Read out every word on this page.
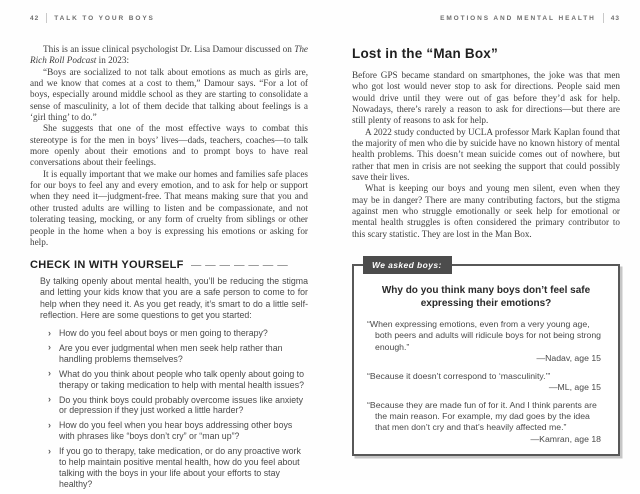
42 TALK TO YOUR BOYS

This is an issue clinical psychologist Dr. Lisa Damour discussed on The Rich Roll Podcast in 2023:

“Boys are socialized to not talk about emotions as much as girls are, and we know that comes at a cost to them,” Damour says. “For a lot of boys, especially around middle school as they are starting to consolidate a sense of masculinity, a lot of them decide that talking about feelings is a ‘girl thing’ to do.”

She suggests that one of the most effective ways to combat this stereotype is for the men in boys’ lives—dads, teachers, coaches—to talk more openly about their emotions and to prompt boys to have real conversations about their feelings.

It is equally important that we make our homes and families safe places for our boys to feel any and every emotion, and to ask for help or support when they need it—judgment-free. That means making sure that you and other trusted adults are willing to listen and be compassionate, and not tolerating teasing, mocking, or any form of cruelty from siblings or other people in the home when a boy is expressing his emotions or asking for help.

CHECK IN WITH YOURSELF — — — — — — —

By talking openly about mental health, you’ll be reducing the stigma and letting your kids know that you are a safe person to come to for help when they need it. As you get ready, it’s smart to do a little self-reflection. Here are some questions to get you started:

› How do you feel about boys or men going to therapy?
› Are you ever judgmental when men seek help rather than handling problems themselves?
› What do you think about people who talk openly about going to therapy or taking medication to help with mental health issues?
› Do you think boys could probably overcome issues like anxiety or depression if they just worked a little harder?
› How do you feel when you hear boys addressing other boys with phrases like “boys don’t cry” or “man up”?
› If you go to therapy, take medication, or do any proactive work to help maintain positive mental health, how do you feel about talking with the boys in your life about your efforts to stay healthy?
EMOTIONS AND MENTAL HEALTH 43
Lost in the “Man Box”

Before GPS became standard on smartphones, the joke was that men who got lost would never stop to ask for directions. People said men would drive until they were out of gas before they’d ask for help. Nowadays, there’s rarely a reason to ask for directions—but there are still plenty of reasons to ask for help.

A 2022 study conducted by UCLA professor Mark Kaplan found that the majority of men who die by suicide have no known history of mental health problems. This doesn’t mean suicide comes out of nowhere, but rather that men in crisis are not seeking the support that could possibly save their lives.

What is keeping our boys and young men silent, even when they may be in danger? There are many contributing factors, but the stigma against men who struggle emotionally or seek help for emotional or mental health struggles is often considered the primary contributor to this scary statistic. They are lost in the Man Box.

We asked boys:
Why do you think many boys don’t feel safe expressing their emotions?

“When expressing emotions, even from a very young age, both peers and adults will ridicule boys for not being strong enough.”

—Nadav, age 15

“Because it doesn’t correspond to ‘masculinity.’”

—ML, age 15

“Because they are made fun of for it. And I think parents are the main reason. For example, my dad goes by the idea that men don’t cry and that’s heavily affected me.”

—Kamran, age 18
